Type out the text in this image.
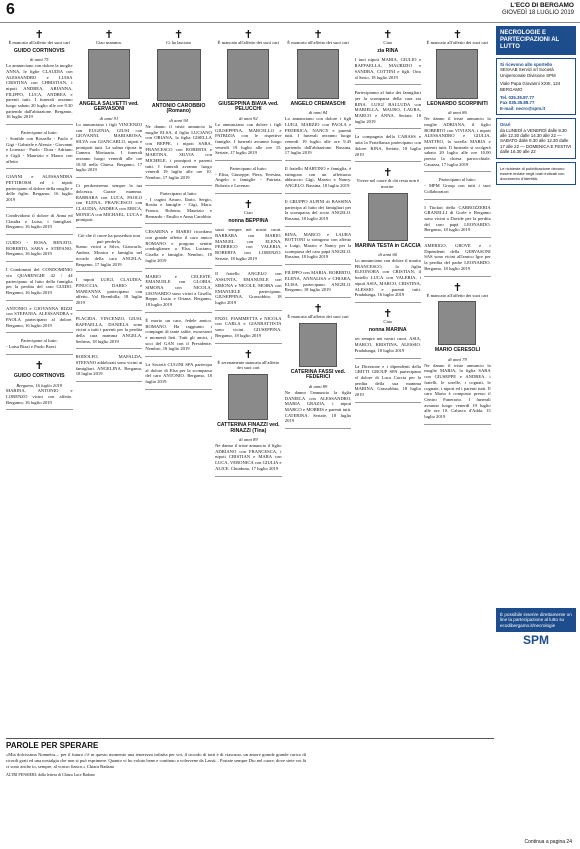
6	L'ECO DI BERGAMO
GIOVEDÌ 18 LUGLIO 2019
✝
È mancato all'affetto dei suoi cari
GUIDO CORTINOVIS
di anni 75
Lo annunciano con dolore la moglie ANNA, le figlie CLAUDIA con ALESSANDRO e LUISA CRISTINA con CHRISTIAN, i nipoti ANDREA, ARIANNA, FILIPPO, LUCA, ANDREA e parenti tutti. I funerali avranno luogo sabato 20 luglio alle ore 9.30 partendo dall'abitazione. Bergamo, 16 luglio 2019
Partecipano al lutto:
- Sonilde con Rossella - Paolo e Gigi - Gabriele e Alessia - Giovanni e Lorenzo - Paolo - Dora - Adriano e Gigli - Maurizio e Mauro con affetto
GIANNI e ALESSANDRA PETTIROSSI ed i nipoti partecipano al dolore della moglie e delle figlie. Bergamo, 16 luglio 2019
Condividono il dolore di Anna ed Claudia e Luisa, i famigliari. Bergamo, 16 luglio 2019
GUIDO - ROSA, RENATO, ROBERTO, SARA e STEFANO. Bergamo, 16 luglio 2019
I Condomini del CONDOMINIO via QUARENGHI 42 / 44 partecipano al lutto della famiglia per la perdita del caro GUIDO. Bergamo, 16 luglio 2019
ANTONIO e GIOVANNA RIZZI con STEFANIA, ALESSANDRA e PAOLA partecipano al dolore. Bergamo, 16 luglio 2019
Partecipano al lutto:
- Luisa Rizzi e Paolo Boeri
✝
GUIDO CORTINOVIS
Bergamo, 16 luglio 2019
MARINA, ANTONIO e LORENZO vicini con affetto. Bergamo, 16 luglio 2019
✝
Ciao mamma.
ANGELA SALVETTI ved. GERVASONI
di anni 91
Lo annunciano i figli VINCENZO con EUGENIA, GIUSI con GIOVANNI, MARIAROSA, SILVA con GIANCARLO, nipoti e pronipoti tutti. La salma riposa in Camera Mortuaria. I funerali avranno luogo venerdì alle ore 10.30 nella Chiesa. Bergamo, 17 luglio 2019
Ci perdoneremo sempre la tua dolcezza. Grazie mamma. BARBARA con LUCA, PAOLO con ELENA, FRANCESCO con CLAUDIA, ANDREA con ERICA, MONICA con MICHAEL, LUCA e pronipoti.
Ciò che il cuore ha posseduto non può perderlo.
Siamo vicini a Silva, Giancarlo, Andrea, Monica e famiglia nel ricordo della cara ANGELA. Bergamo, 17 luglio 2019
I nipoti LUIGI, CLAUDIA, PINUCCIA, DARIO e MARIANNA partecipano con affetto. Val Brembilla, 18 luglio 2019
PLACIDA, VINCENZO, GIUSI, RAFFAELLA, DANIELA sono vicini a tutti i parenti per la perdita della cara mamma ANGELA. Sedrina, 18 luglio 2019
RODOLFO, MAFALDA, STEFANO addolorati sono vicini ai famigliari. ANGELINA. Bergamo, 18 luglio 2019
✝
Ci ha lasciato
ANTONIO CAROBBIO (Romano)
di anni 94
Ne danno il triste annuncio la moglie ELSA, il figlio LUCIANO con ORIANA, la figlia GISELLA con BEPPE, i nipoti SARA, FRANCESCO con ROBERTA e MARTINA, SILVIA con MICHELE, i pronipoti e parenti tutti. I funerali avranno luogo venerdì 19 luglio alle ore 10. Nembro, 17 luglio 2019
Partecipano al lutto:
- I cugini Arturo, Ilario, Sergio, Rosita e famiglie - Gigi, Mara, Franco, Roberta, Maurizio e Bernardo - Emilio e Anna Carobbio
CESARINA e MARIO ricordano con grande affetto il caro amico ROMANO e porgono sentite condoglianze a Elsa, Luciano, Gisella e famiglie. Nembro, 18 luglio 2019
MARIO e CELESTE, EMANUELE con GLORIA, SIMONA con NICOLA, LEONARDO sono vicini a Gisella, Beppe, Lucio e Oriana. Bergamo, 18 luglio 2019
È morto un caro, fedele amico. ROMANO. Ha raggiunto i compagni di tante salite, escursioni e momenti lieti. Tutti gli amici, i soci del GAN con il Presidente. Nembro, 18 luglio 2019
La Società CUGINI SPA partecipa al dolore di Elsa per la scomparsa del caro ANTONIO. Bergamo, 18 luglio 2019
✝
È mancata all'affetto dei suoi cari
GIUSEPPINA BIAVA ved. PELUCCHI
di anni 92
Lo annunciano con dolore i figli GIUSEPPINA, MARCELLO e PATRIZIA con le rispettive famiglie. I funerali avranno luogo venerdì 19 luglio alle ore 15. Seriate, 17 luglio 2019
Partecipano al lutto:
- Elisa, Giuseppe, Piera, Teresina, Angelo e famiglie - Patrizia, Roberto e Lorenzo
✝
Ciao
nonna BEPPINA
sarai sempre nei nostri cuori. BARBARA con MARIO, MANUEL con ELENA, FEDERICO con VALERIA, ROBERTA con LORENZO. Seriate, 18 luglio 2019
Il fratello ANGELO con ASSUNTA, EMANUELE con SIMONA e NICOLE, MOIRA con EMANUELE partecipano. GIUSEPPINA. Grassobbio, 18 luglio 2019
ENZO, FIAMMETTA e NICOLA con CARLA e GIANBATTISTA sono vicini. GIUSEPPINA. Bergamo, 18 luglio 2019
✝
È serenamente mancata all'affetto dei suoi cari
CATTERINA FINAZZI ved. RINAZZI (Tina)
di anni 89
Ne danno il triste annuncio il figlio ADRIANO con FRANCESCA, i nipoti CRISTIAN e MARA con LUCA, VERONICA con GIULIA e ALICE. Chiuduno, 17 luglio 2019
✝
È mancato all'affetto dei suoi cari
ANGELO CREMASCHI
di anni 84
Lo annunciano con dolore i figli LUIGI, MARZIO con PAOLA e FEDERICA, NANCY e parenti tutti. I funerali avranno luogo venerdì 19 luglio alle ore 9.45 partendo dall'abitazione. Bassina, 17 luglio 2019
Il fratello MARTINO e famiglia, è stringono con un affettuoso abbraccio Gigi, Marzio e Nancy. ANGELO. Bassina, 18 luglio 2019
Il GRUPPO ALPINI di BASSINA partecipa al lutto dei famigliari per la scomparsa del socio ANGELO. Bassina, 18 luglio 2019
RINA, MARCO e LAURA BOTTONI si stringono con affetto a Luigi, Marzio e Nancy per la scomparsa del caro papà ANGELO. Bassina, 18 luglio 2019
FILIPPO con MARIA, ROBERTO, ELENA, ANNALISA e CHIARA, ELISA partecipano. ANGELO. Bergamo, 18 luglio 2019
✝
È mancata all'affetto dei suoi cari
CATERINA FASSI ved. FEDERICI
di anni 89
Ne danno l'annuncio la figlia DANIELA con ALESSANDRO, MARIA GRAZIA, i nipoti MARCO e MORRIS e parenti tutti. CATERINA. Seriate, 18 luglio 2019
✝
Ciao
zia RINA
I tuoi nipoti MARIA, GIULIO e RAFFAELLA, MAURIZIO e SANDRA, COTTINI e figli. Orio al Serio, 18 luglio 2019
Partecipiamo al lutto dei famigliari per la scomparsa della cara zia RINA. LUIGI BALLUDA con MARIELLA, MAURO, LAURA, MARCO e ANNA. Seriate, 18 luglio 2019
La compagnia della CABASS e tutta la Fratellanza partecipano con dolore. RINA. Seriate, 18 luglio 2019
✝
Vivere nel cuore di chi resta non è morire.
MARINA TESTA in CACCIA
di anni 60
Lo annunciano con dolore il marito FRANCESCO, la figlia ELEONORA con CRISTIAN, il fratello LUCA con VALERIA, i nipoti ASIA, MARCO, CRISTINA, ALESSIO e parenti tutti. Pradalunga, 16 luglio 2019
✝
Ciao
nonna MARINA
sei sempre nei nostri cuori. ASIA, MARCO, KRISTINA, ALESSIO. Pradalunga, 18 luglio 2019
La Direzione e i dipendenti della GRITTI GROUP SPA partecipano al dolore di Luca Caccia per la perdita della sua mamma MARINA. Grassobbio, 18 luglio 2019
✝
È mancato all'affetto dei suoi cari
LEONARDO SCORPINITI
di anni 86
Ne danno il triste annuncio la moglie ADRIANA, il figlio ROBERTO con VIVIANA, i nipoti ALESSANDRO e GIULIA, MATTEO, la sorella MARIA e parenti tutti. Il funerale si svolgerà sabato 20 luglio alle ore 10.00 presso la chiesa parrocchiale. Casazza, 17 luglio 2019
Partecipano al lutto:
- MPM Group con tutti i suoi Collaboratori
I Titolari della CARROZZERIA GRANELLI di Gorle e Bergamo sono vicini a Davide per la perdita del caro papà LEONARDO. Bergamo, 18 luglio 2019
AMERIGO, GROVE e i Dipendenti della GERVASONI SAS sono vicini all'amico Igor per la perdita del padre LEONARDO. Bergamo, 18 luglio 2019
✝
È mancato all'affetto dei suoi cari
MARIO CERESOLI
di anni 79
Ne danno il triste annuncio la moglie MARIA, la figlia SARA con GIUSEPPE e ANDREA, i fratelli, le sorelle, i cognati, le cognate, i nipoti ed i parenti tutti. Il caro Mario è composto presso il Centro Funerario. I funerali avranno luogo venerdì 19 luglio alle ore 10. Calusco d'Adda, 15 luglio 2019
NECROLOGIE E PARTECIPAZIONI AL LUTTO
Si ricevono allo sportello
SESAAB Servizi srl Società Unipersonale Divisione SPM
Viale Papa Giovanni XXIII, 124 BERGAMO
Tel. 035.35.87.77
Fax 035.35.88.77
E-mail: necro@spm.it
Orari
da LUNEDÌ a VENERDÌ dalle 8.30 alle 12.30 dalle 14.30 alle 22 — SABATO dalle 8.30 alle 12.30 dalle 17 alle 22 — DOMENICA E FESTIVI dalle 16.30 alle 22
Le richieste di pubblicazione devono essere inviate negli orari indicati con documento d'identità.
È possibile inserire direttamente on line la partecipazione al lutto su ecodibergamo.it/necrologie
SPM
PAROLE PER SPERARE
«Mia dolcissima Nonnetta..., per il futuro c'è in questo momento una tenerezza infinita per voi, il ricordo di tutti e di ciascuno, un amore grande grande carico di ricordi grati ed una nostalgia che non si può esprimere. Quanto vi ho voluto bene e continuo a volervene da Lassù... Portate sempre Dio nel cuore, dove siete voi là ci sono anche io, sempre, al vostro fianco.» Chiara Badano
ALTRI PENSIERI: dalla lettera di Chiara Luce Badano
Continua a pagina 24
